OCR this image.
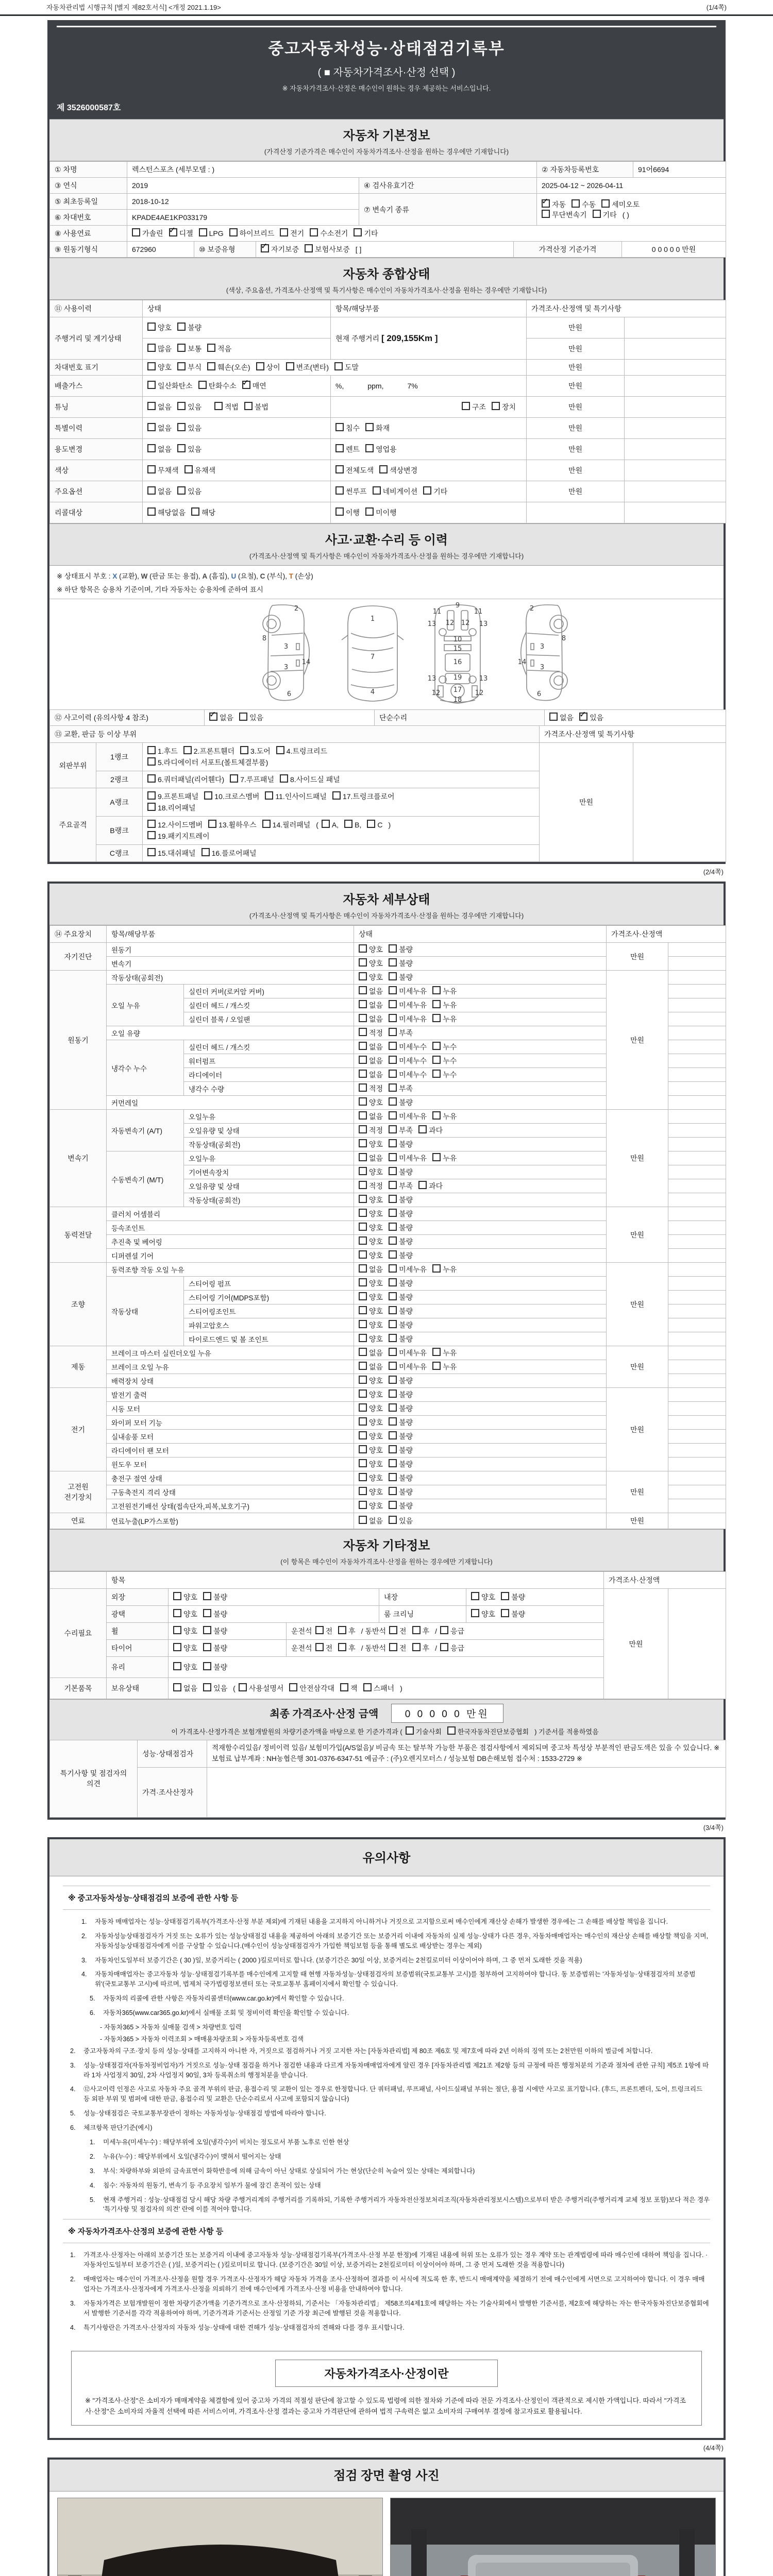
자동차관리법 시행규칙 [별지 제82호서식] <개정 2021.1.19>	(1/4쪽)
중고자동차성능·상태점검기록부
( ■ 자동차가격조사·산정 선택 )
※ 자동차가격조사·산정은 매수인이 원하는 경우 제공하는 서비스입니다.
제 3526000587호
자동차 기본정보
(가격산정 기준가격은 매수인이 자동차가격조사·산정을 원하는 경우에만 기재합니다)
① 차명	렉스턴스포츠 (세부모델 : )		② 자동차등록번호	91어6694
③ 연식	2019	④ 검사유효기간	2025-04-12 ~ 2026-04-11	
⑤ 최초등록일	2018-10-12	⑦ 변속기 종류	✓자동 수동 세미오토
무단변속기 기타 ( )
⑥ 차대번호	KPADE4AE1KP033179			
⑧ 사용연료	가솔린 ✓ 디젤 LPG 하이브리드 전기 수소전기 기타
⑨ 원동기형식	672960	⑩ 보증유형	✓자기보증 보험사보증 [ ]	가격산정 기준가격	0 0 0 0 0 만원
자동차 종합상태
(색상, 주요옵션, 가격조사·산정액 및 특기사항은 매수인이 자동차가격조사·산정을 원하는 경우에만 기재합니다)
⑪ 사용이력	상태	항목/해당부품	가격조사·산정액 및 특기사항	
주행거리 및 계기상태	양호 불량	현재 주행거리 [ 209,155Km ]	만원	
	많음 보통 적음		만원	
차대번호 표기	양호 부식 훼손(오손) 상이 변조(변타) 도말		만원	
배출가스	일산화탄소 탄화수소 ✓ 매연	%, ppm, 7%	만원	
튜닝	없음 있음 적법 불법	구조 장치	만원	
특별이력	없음 있음	침수 화재	만원	
용도변경	없음 있음	렌트 영업용	만원	
색상	무채색 유채색	전체도색 색상변경	만원	
주요옵션	없음 있음	썬루프 네비게이션 기타	만원	
리콜대상	해당없음 해당	이행 미이행		
사고·교환·수리 등 이력
(가격조사·산정액 및 특기사항은 매수인이 자동차가격조사·산정을 원하는 경우에만 기재합니다)
※ 상태표시 부호 : X (교환), W (판금 또는 용접), A (흠집), U (요철), C (부식), T (손상)
※ 하단 항목은 승용차 기준이며, 기타 자동차는 승용차에 준하여 표시
2
8
3
14
3
6
1
7
4
9
11	11
13	13
12 12
10
15
16
19
13	13
12	12
17
18
2
8
3
14
3
6
⑫ 사고이력 (유의사항 4 참조)	✓없음 있음	단순수리	없음 ✓ 있음
⑬ 교환, 판금 등 이상 부위			가격조사·산정액 및 특기사항	
외판부위	1랭크	1.후드 2.프론트휀더 3.도어 4.트렁크리드
5.라디에이터 서포트(볼트체결부품)	만원	
	2랭크	6.쿼터패널(리어휀다) 7.루프패널 8.사이드실 패널		

주요골격	A랭크	9.프론트패널 10.크로스멤버 11.인사이드패널 17.트렁크플로어
18.리어패널		

	B랭크	12.사이드멤버 13.휠하우스 14.필러패널 ( A, B, C )
19.패키지트레이		

	C랭크	15.대쉬패널 16.플로어패널		
(2/4쪽)
자동차 세부상태
(가격조사·산정액 및 특기사항은 매수인이 자동차가격조사·산정을 원하는 경우에만 기재합니다)
⑭ 주요장치	항목/해당부품		상태	가격조사·산정액	
자기진단	원동기		양호 불량	만원	
	변속기		양호 불량		
원동기	작동상태(공회전)		양호 불량	만원	
	오일 누유	실린더 커버(로커암 커버)	없음 미세누유 누유		
		실린더 헤드 / 개스킷	없음 미세누유 누유		
		실린더 블록 / 오일팬	없음 미세누유 누유		
	오일 유량		적정 부족		
	냉각수 누수	실린더 헤드 / 개스킷	없음 미세누수 누수		
		워터펌프	없음 미세누수 누수		
		라디에이터	없음 미세누수 누수		
		냉각수 수량	적정 부족		
	커먼레일		양호 불량		
변속기	자동변속기 (A/T)	오일누유	없음 미세누유 누유	만원	
		오일유량 및 상태	적정 부족 과다		
		작동상태(공회전)	양호 불량		
	수동변속기 (M/T)	오일누유	없음 미세누유 누유		
		기어변속장치	양호 불량		
		오일유량 및 상태	적정 부족 과다		
		작동상태(공회전)	양호 불량		
동력전달	클러치 어셈블리		양호 불량	만원	
	등속조인트		양호 불량		
	추진축 및 베어링		양호 불량		
	디퍼렌셜 기어		양호 불량		
조향	동력조향 작동 오일 누유		없음 미세누유 누유	만원	
	작동상태	스티어링 펌프	양호 불량		
		스티어링 기어(MDPS포함)	양호 불량		
		스티어링조인트	양호 불량		
		파워고압호스	양호 불량		
		타이로드엔드 및 볼 조인트	양호 불량		
제동	브레이크 마스터 실린더오일 누유		없음 미세누유 누유	만원	
	브레이크 오일 누유		없음 미세누유 누유		
	배력장치 상태		양호 불량		
전기	발전기 출력		양호 불량	만원	
	시동 모터		양호 불량		
	와이퍼 모터 기능		양호 불량		
	실내송풍 모터		양호 불량		
	라디에이터 팬 모터		양호 불량		
	윈도우 모터		양호 불량		
고전원 전기장치	충전구 절연 상태		양호 불량	만원	
	구동축전지 격리 상태		양호 불량		
	고전원전기배선 상태(접속단자,피복,보호기구)		양호 불량		
연료	연료누출(LP가스포함)		없음 있음	만원	
자동차 기타정보
(이 항목은 매수인이 자동차가격조사·산정을 원하는 경우에만 기재합니다)
	항목		가격조사·산정액	
수리필요	외장	양호 불량 내장 양호 불량	만원	
	광택	양호 불량 룸 크리닝 양호 불량		

	휠	양호 불량 운전석 전 후 / 동반석 전 후 / 응급		

	타이어	양호 불량 운전석 전 후 / 동반석 전 후 / 응급		

	유리	양호 불량		
기본품목	보유상태	없음 있음 ( 사용설명서 안전삼각대 잭 스패너 )		
최종 가격조사·산정 금액	0 0 0 0 0 만원
이 가격조사·산정가격은 보험개발원의 차량기준가액을 바탕으로 한 기준가격과 ( 기술사회 한국자동차진단보증협회 ) 기준서를 적용하였음
특기사항 및 점검자의 의견	성능·상태점검자	적재함수리있음/ 정비이력 있음/ 보험미가입(A/S없음)/ 비금속 또는 탈부착 가능한 부품은 점검사항에서 제외되며 중고차 특성상 부분적인 판금도색은 있을 수 있습니다. ※보험료 납부계좌 : NH농협은행 301-0376-6347-51 예금주 : (주)오렌지모터스 / 성능보험 DB손해보험 접수처 : 1533-2729 ※
	가격·조사산정자	
(3/4쪽)
유의사항
※ 중고자동차성능·상태점검의 보증에 관한 사항 등
1.	자동차 매매업자는 성능·상태점검기록부(가격조사·산정 부분 제외)에 기재된 내용을 고지하지 아니하거나 거짓으로 고지함으로써 매수인에게 재산상 손해가 발생한 경우에는 그 손해를 배상할 책임을 집니다.
2.	자동차성능상태점검자가 거짓 또는 오류가 있는 성능상태점검 내용을 제공하여 아래의 보증기간 또는 보증거리 이내에 자동차의 실제 성능·상태가 다른 경우, 자동차매매업자는 매수인의 재산상 손해를 배상할 책임을 지며, 자동차성능상태점검자에게 이를 구상할 수 있습니다.(매수인이 성능상태점검자가 가입한 책임보험 등을 통해 별도로 배상받는 경우는 제외)
3.	자동차인도일부터 보증기간은 ( 30 )일, 보증거리는 ( 2000 )킬로미터로 합니다. (보증기간은 30일 이상, 보증거리는 2천킬로미터 이상이어야 하며, 그 중 먼저 도래한 것을 적용)
4.	자동차매매업자는 중고자동차 성능·상태점검기록부를 매수인에게 고지할 때 현행 자동차성능·상태점검자의 보증범위(국토교통부 고시)를 첨부하여 고지하여야 합니다. 동 보증범위는 '자동차성능·상태점검자의 보증범위'(국토교통부 고시)에 따르며, 법제처 국가법령정보센터 또는 국토교통부 홈페이지에서 확인할 수 있습니다.
5.	자동차의 리콜에 관한 사항은 자동차리콜센터(www.car.go.kr)에서 확인할 수 있습니다.
6.	자동차365(www.car365.go.kr)에서 실매물 조회 및 정비이력 확인을 확인할 수 있습니다.
- 자동차365 > 자동차 실매물 검색 > 차량번호 입력
- 자동차365 > 자동차 이력조회 > 매매용차량조회 > 자동차등록번호 검색
2.	중고자동차의 구조·장치 등의 성능·상태를 고지하지 아니한 자, 거짓으로 점검하거나 거짓 고지한 자는 [자동차관리법] 제 80조 제6호 및 제7호에 따라 2년 이하의 징역 또는 2천만원 이하의 벌금에 처합니다.
3.	성능·상태점검자(자동차정비업자)가 거짓으로 성능·상태 점검을 하거나 점검한 내용과 다르게 자동차매매업자에게 알린 경우 [자동차관리법 제21조 제2항 등의 규정에 따른 행정처분의 기준과 절차에 관한 규칙] 제5조 1항에 따라 1차 사업정지 30일, 2차 사업정지 90일, 3차 등록취소의 행정처분을 받습니다.
4.	⑫사고이력 인정은 사고로 자동차 주요 골격 부위의 판금, 용접수리 및 교환이 있는 경우로 한정합니다. 단 쿼터패널, 루프패널, 사이드실패널 부위는 절단, 용접 시에만 사고로 표기합니다. (후드, 프론트펜더, 도어, 트렁크리드 등 외판 부위 및 범퍼에 대한 판금, 용접수리 및 교환은 단순수리로서 사고에 포함되지 않습니다)
5.	성능·상태점검은 국토교통부장관이 정하는 자동차성능·상태점검 방법에 따라야 합니다.
6.	체크항목 판단기준(예시)
1.	미세누유(미세누수) : 해당부위에 오일(냉각수)이 비치는 정도로서 부품 노후로 인한 현상
2.	누유(누수) : 해당부위에서 오일(냉각수)이 맺혀서 떨어지는 상태
3.	부식: 차량하부와 외판의 금속표면이 화학반응에 의해 금속이 아닌 상태로 상실되어 가는 현상(단순히 녹슬어 있는 상태는 제외합니다)
4.	침수: 자동차의 원동기, 변속기 등 주요장치 일부가 물에 잠긴 흔적이 있는 상태
5.	현재 주행거리 : 성능·상태점검 당시 해당 차량 주행거리계의 주행거리를 기록하되, 기록한 주행거리가 자동차전산정보처리조직(자동차관리정보시스템)으로부터 받은 주행거리(주행거리계 교체 정보 포함)보다 적은 경우 '특기사항 및 점검자의 의견' 란에 이를 적어야 합니다.
※ 자동차가격조사·산정의 보증에 관한 사항 등
1.	가격조사·산정자는 아래의 보증기간 또는 보증거리 이내에 중고자동차 성능·상태점검기록부(가격조사·산정 부분 한정)에 기재된 내용에 허위 또는 오류가 있는 경우 계약 또는 관계법령에 따라 매수인에 대하여 책임을 집니다. · 자동차인도일부터 보증기간은 ( )일, 보증거리는 ( )킬로미터로 합니다. (보증기간은 30일 이상, 보증거리는 2천킬로미터 이상이어야 하며, 그 중 먼저 도래한 것을 적용합니다)
2.	매매업자는 매수인이 가격조사·산정을 원할 경우 가격조사·산정자가 해당 자동차 가격을 조사·산정하여 결과를 이 서식에 적도록 한 후, 반드시 매매계약을 체결하기 전에 매수인에게 서면으로 고지하여야 합니다. 이 경우 매매업자는 가격조사·산정자에게 가격조사·산정을 의뢰하기 전에 매수인에게 가격조사·산정 비용을 안내하여야 합니다.
3.	자동차가격은 보험개발원이 정한 차량기준가액을 기준가격으로 조사·산정하되, 기준서는 「자동차관리법」 제58조의4제1호에 해당하는 자는 기술사회에서 발행한 기준서를, 제2호에 해당하는 자는 한국자동차진단보증협회에서 발행한 기준서를 각각 적용하여야 하며, 기준가격과 기준서는 산정일 기준 가장 최근에 발행된 것을 적용합니다.
4.	특기사항란은 가격조사·산정자의 자동차 성능·상태에 대한 견해가 성능·상태점검자의 견해와 다를 경우 표시합니다.
자동차가격조사·산정이란
※ "가격조사·산정"은 소비자가 매매계약을 체결함에 있어 중고차 가격의 적절성 판단에 참고할 수 있도록 법령에 의한 절차와 기준에 따라 전문 가격조사·산정인이 객관적으로 제시한 가액입니다. 따라서 "가격조사·산정"은 소비자의 자율적 선택에 따른 서비스이며, 가격조사·산정 결과는 중고차 가격판단에 관하여 법적 구속력은 없고 소비자의 구매여부 결정에 참고자료로 활용됩니다.
(4/4쪽)
점검 장면 촬영 사진
